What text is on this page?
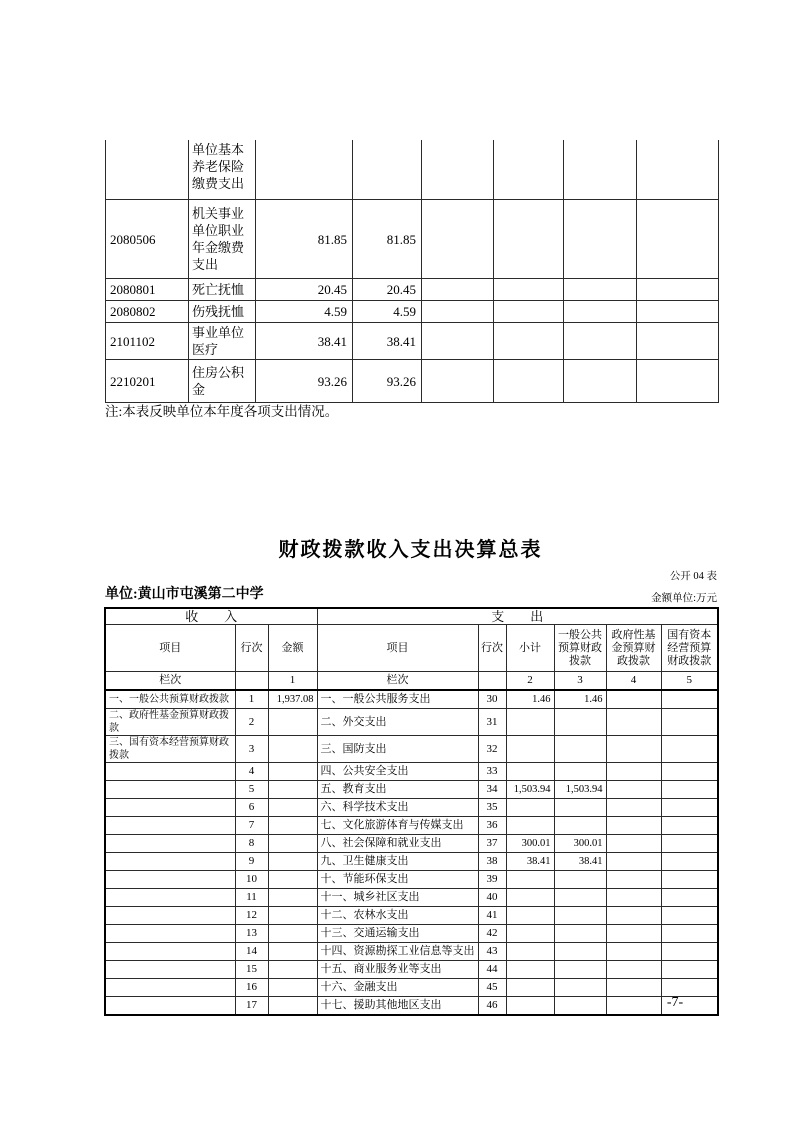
	单位基本养老保险缴费支出						
2080506	机关事业单位职业年金缴费支出	81.85	81.85				
2080801	死亡抚恤	20.45	20.45				
2080802	伤残抚恤	4.59	4.59				
2101102	事业单位医疗	38.41	38.41				
2210201	住房公积金	93.26	93.26				
注:本表反映单位本年度各项支出情况。
财政拨款收入支出决算总表
公开 04 表
单位:黄山市屯溪第二中学	金额单位:万元
收　　入			支　　出					
项目	行次	金额	项目	行次	小计	一般公共预算财政拨款	政府性基金预算财政拨款	国有资本经营预算财政拨款
栏次		1	栏次		2	3	4	5
一、一般公共预算财政拨款	1	1,937.08	一、一般公共服务支出	30	1.46	1.46		
二、政府性基金预算财政拨款	2		二、外交支出	31				
三、国有资本经营预算财政拨款	3		三、国防支出	32				
	4		四、公共安全支出	33				
	5		五、教育支出	34	1,503.94	1,503.94		
	6		六、科学技术支出	35				
	7		七、文化旅游体育与传媒支出	36				
	8		八、社会保障和就业支出	37	300.01	300.01		
	9		九、卫生健康支出	38	38.41	38.41		
	10		十、节能环保支出	39				
	11		十一、城乡社区支出	40				
	12		十二、农林水支出	41				
	13		十三、交通运输支出	42				
	14		十四、资源勘探工业信息等支出	43				
	15		十五、商业服务业等支出	44				
	16		十六、金融支出	45				
	17		十七、援助其他地区支出	46					-7-
